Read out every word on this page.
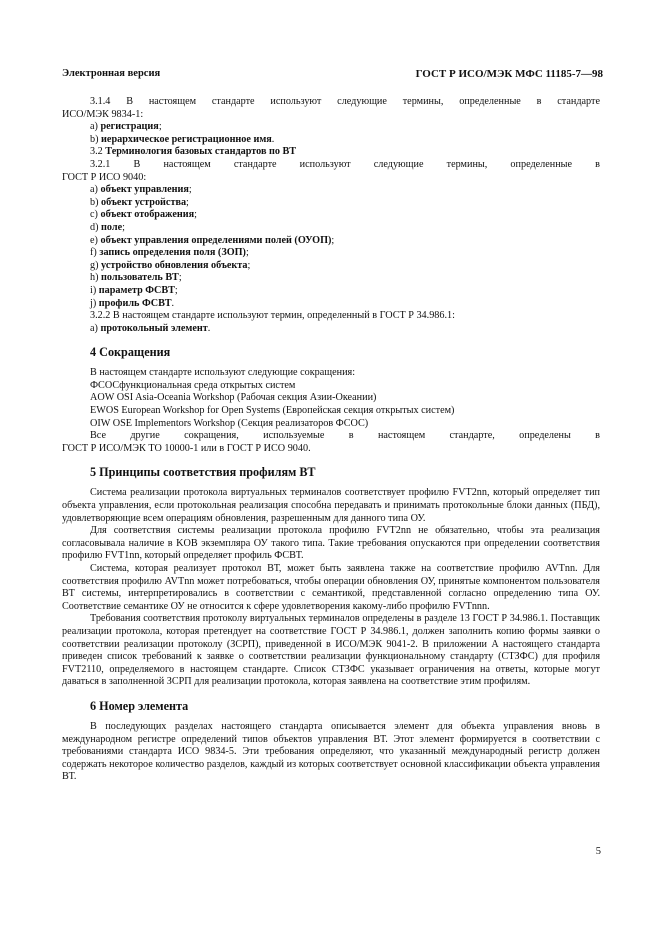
Электронная версия	ГОСТ Р ИСО/МЭК МФС 11185-7—98
3.1.4 В настоящем стандарте используют следующие термины, определенные в стандарте
ИСО/МЭК 9834-1:
а) регистрация;
b) иерархическое регистрационное имя.
3.2 Терминология базовых стандартов по ВТ
3.2.1 В настоящем стандарте используют следующие термины, определенные в
ГОСТ Р ИСО 9040:
a) объект управления;
b) объект устройства;
c) объект отображения;
d) поле;
e) объект управления определениями полей (ОУОП);
f) запись определения поля (ЗОП);
g) устройство обновления объекта;
h) пользователь ВТ;
i) параметр ФСВТ;
j) профиль ФСВТ.
3.2.2 В настоящем стандарте используют термин, определенный в ГОСТ Р 34.986.1:
а) протокольный элемент.
4 Сокращения
В настоящем стандарте используют следующие сокращения:
ФСОСфункциональная среда открытых систем
AOW OSI Asia-Oceania Workshop (Рабочая секция Азии-Океании)
EWOS European Workshop for Open Systems (Европейская секция открытых систем)
OIW OSE Implementors Workshop (Секция реализаторов ФСОС)
Все другие сокращения, используемые в настоящем стандарте, определены в
ГОСТ Р ИСО/МЭК ТО 10000-1 или в ГОСТ Р ИСО 9040.
5 Принципы соответствия профилям ВТ

Система реализации протокола виртуальных терминалов соответствует профилю FVT2nn, который определяет тип объекта управления, если протокольная реализация способна передавать и принимать протокольные блоки данных (ПБД), удовлетворяющие всем операциям обновления, разрешенным для данного типа ОУ.

Для соответствия системы реализации протокола профилю FVT2nn не обязательно, чтобы эта реализация согласовывала наличие в KOB экземпляра ОУ такого типа. Такие требования опускаются при определении соответствия профилю FVT1nn, который определяет профиль ФСВТ.

Система, которая реализует протокол ВТ, может быть заявлена также на соответствие профилю AVTnn. Для соответствия профилю AVTnn может потребоваться, чтобы операции обновления ОУ, принятые компонентом пользователя ВТ системы, интерпретировались в соответствии с семантикой, представленной согласно определению типа ОУ. Соответствие семантике ОУ не относится к сфере удовлетворения какому-либо профилю FVTnnn.

Требования соответствия протоколу виртуальных терминалов определены в разделе 13 ГОСТ Р 34.986.1. Поставщик реализации протокола, которая претендует на соответствие ГОСТ Р 34.986.1, должен заполнить копию формы заявки о соответствии реализации протоколу (ЗСРП), приведенной в ИСО/МЭК 9041-2. В приложении А настоящего стандарта приведен список требований к заявке о соответствии реализации функциональному стандарту (СТЗФС) для профиля FVT2110, определяемого в настоящем стандарте. Список СТЗФС указывает ограничения на ответы, которые могут даваться в заполненной ЗСРП для реализации протокола, которая заявлена на соответствие этим профилям.

6 Номер элемента

В последующих разделах настоящего стандарта описывается элемент для объекта управления вновь в международном регистре определений типов объектов управления ВТ. Этот элемент формируется в соответствии с требованиями стандарта ИСО 9834-5. Эти требования определяют, что указанный международный регистр должен содержать некоторое количество разделов, каждый из которых соответствует основной классификации объекта управления ВТ.

5
